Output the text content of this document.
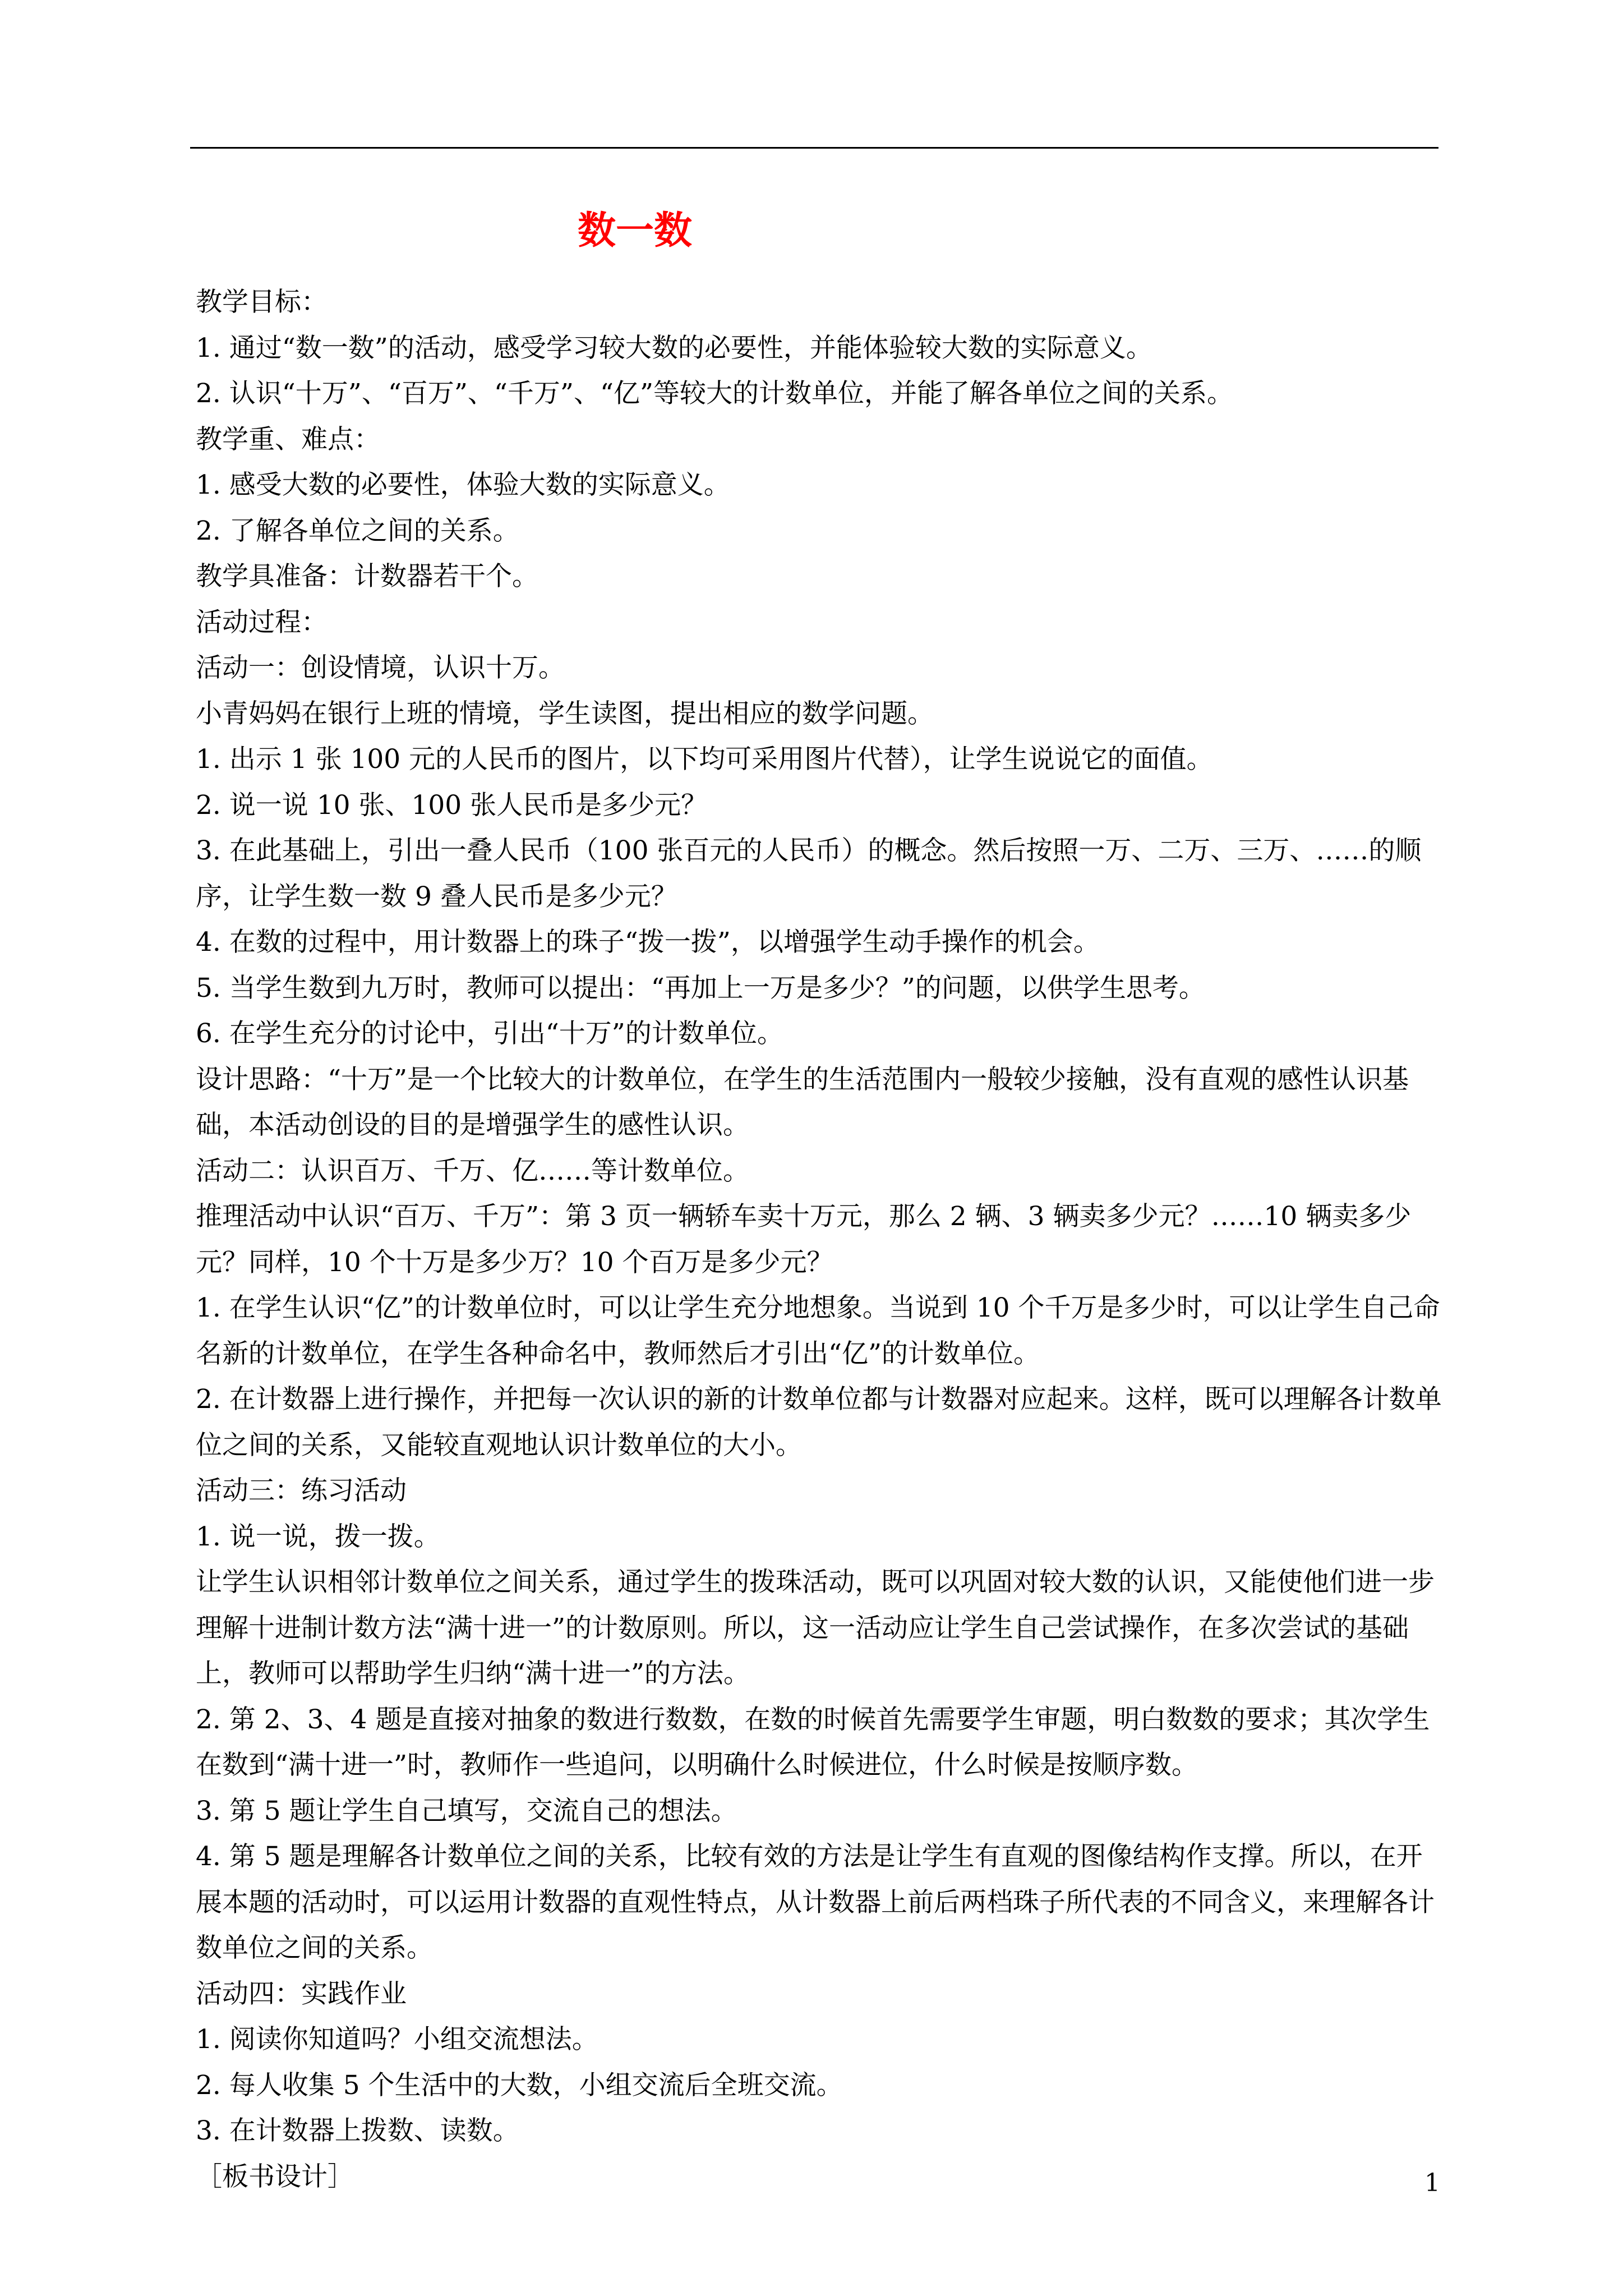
数一数

教学目标：

1. 通过“数一数”的活动，感受学习较大数的必要性，并能体验较大数的实际意义。

2. 认识“十万”、“百万”、“千万”、“亿”等较大的计数单位，并能了解各单位之间的关系。

教学重、难点：

1. 感受大数的必要性，体验大数的实际意义。

2. 了解各单位之间的关系。

教学具准备：计数器若干个。

活动过程：

活动一：创设情境，认识十万。

小青妈妈在银行上班的情境，学生读图，提出相应的数学问题。

1. 出示 1 张 100 元的人民币的图片，以下均可采用图片代替），让学生说说它的面值。

2. 说一说 10 张、100 张人民币是多少元？

3. 在此基础上，引出一叠人民币（100 张百元的人民币）的概念。然后按照一万、二万、三万、……的顺序，让学生数一数 9 叠人民币是多少元？

4. 在数的过程中，用计数器上的珠子“拨一拨”，以增强学生动手操作的机会。

5. 当学生数到九万时，教师可以提出：“再加上一万是多少？”的问题，以供学生思考。

6. 在学生充分的讨论中，引出“十万”的计数单位。

设计思路：“十万”是一个比较大的计数单位，在学生的生活范围内一般较少接触，没有直观的感性认识基础，本活动创设的目的是增强学生的感性认识。

活动二：认识百万、千万、亿……等计数单位。

推理活动中认识“百万、千万”：第 3 页一辆轿车卖十万元，那么 2 辆、3 辆卖多少元？……10 辆卖多少元？同样，10 个十万是多少万？10 个百万是多少元？

1. 在学生认识“亿”的计数单位时，可以让学生充分地想象。当说到 10 个千万是多少时，可以让学生自己命名新的计数单位，在学生各种命名中，教师然后才引出“亿”的计数单位。

2. 在计数器上进行操作，并把每一次认识的新的计数单位都与计数器对应起来。这样，既可以理解各计数单位之间的关系，又能较直观地认识计数单位的大小。

活动三：练习活动

1. 说一说，拨一拨。

让学生认识相邻计数单位之间关系，通过学生的拨珠活动，既可以巩固对较大数的认识，又能使他们进一步理解十进制计数方法“满十进一”的计数原则。所以，这一活动应让学生自己尝试操作，在多次尝试的基础上，教师可以帮助学生归纳“满十进一”的方法。

2. 第 2、3、4 题是直接对抽象的数进行数数，在数的时候首先需要学生审题，明白数数的要求；其次学生在数到“满十进一”时，教师作一些追问，以明确什么时候进位，什么时候是按顺序数。

3. 第 5 题让学生自己填写，交流自己的想法。

4. 第 5 题是理解各计数单位之间的关系，比较有效的方法是让学生有直观的图像结构作支撑。所以，在开展本题的活动时，可以运用计数器的直观性特点，从计数器上前后两档珠子所代表的不同含义，来理解各计数单位之间的关系。

活动四：实践作业

1. 阅读你知道吗？小组交流想法。

2. 每人收集 5 个生活中的大数，小组交流后全班交流。

3. 在计数器上拨数、读数。

［板书设计］	1
